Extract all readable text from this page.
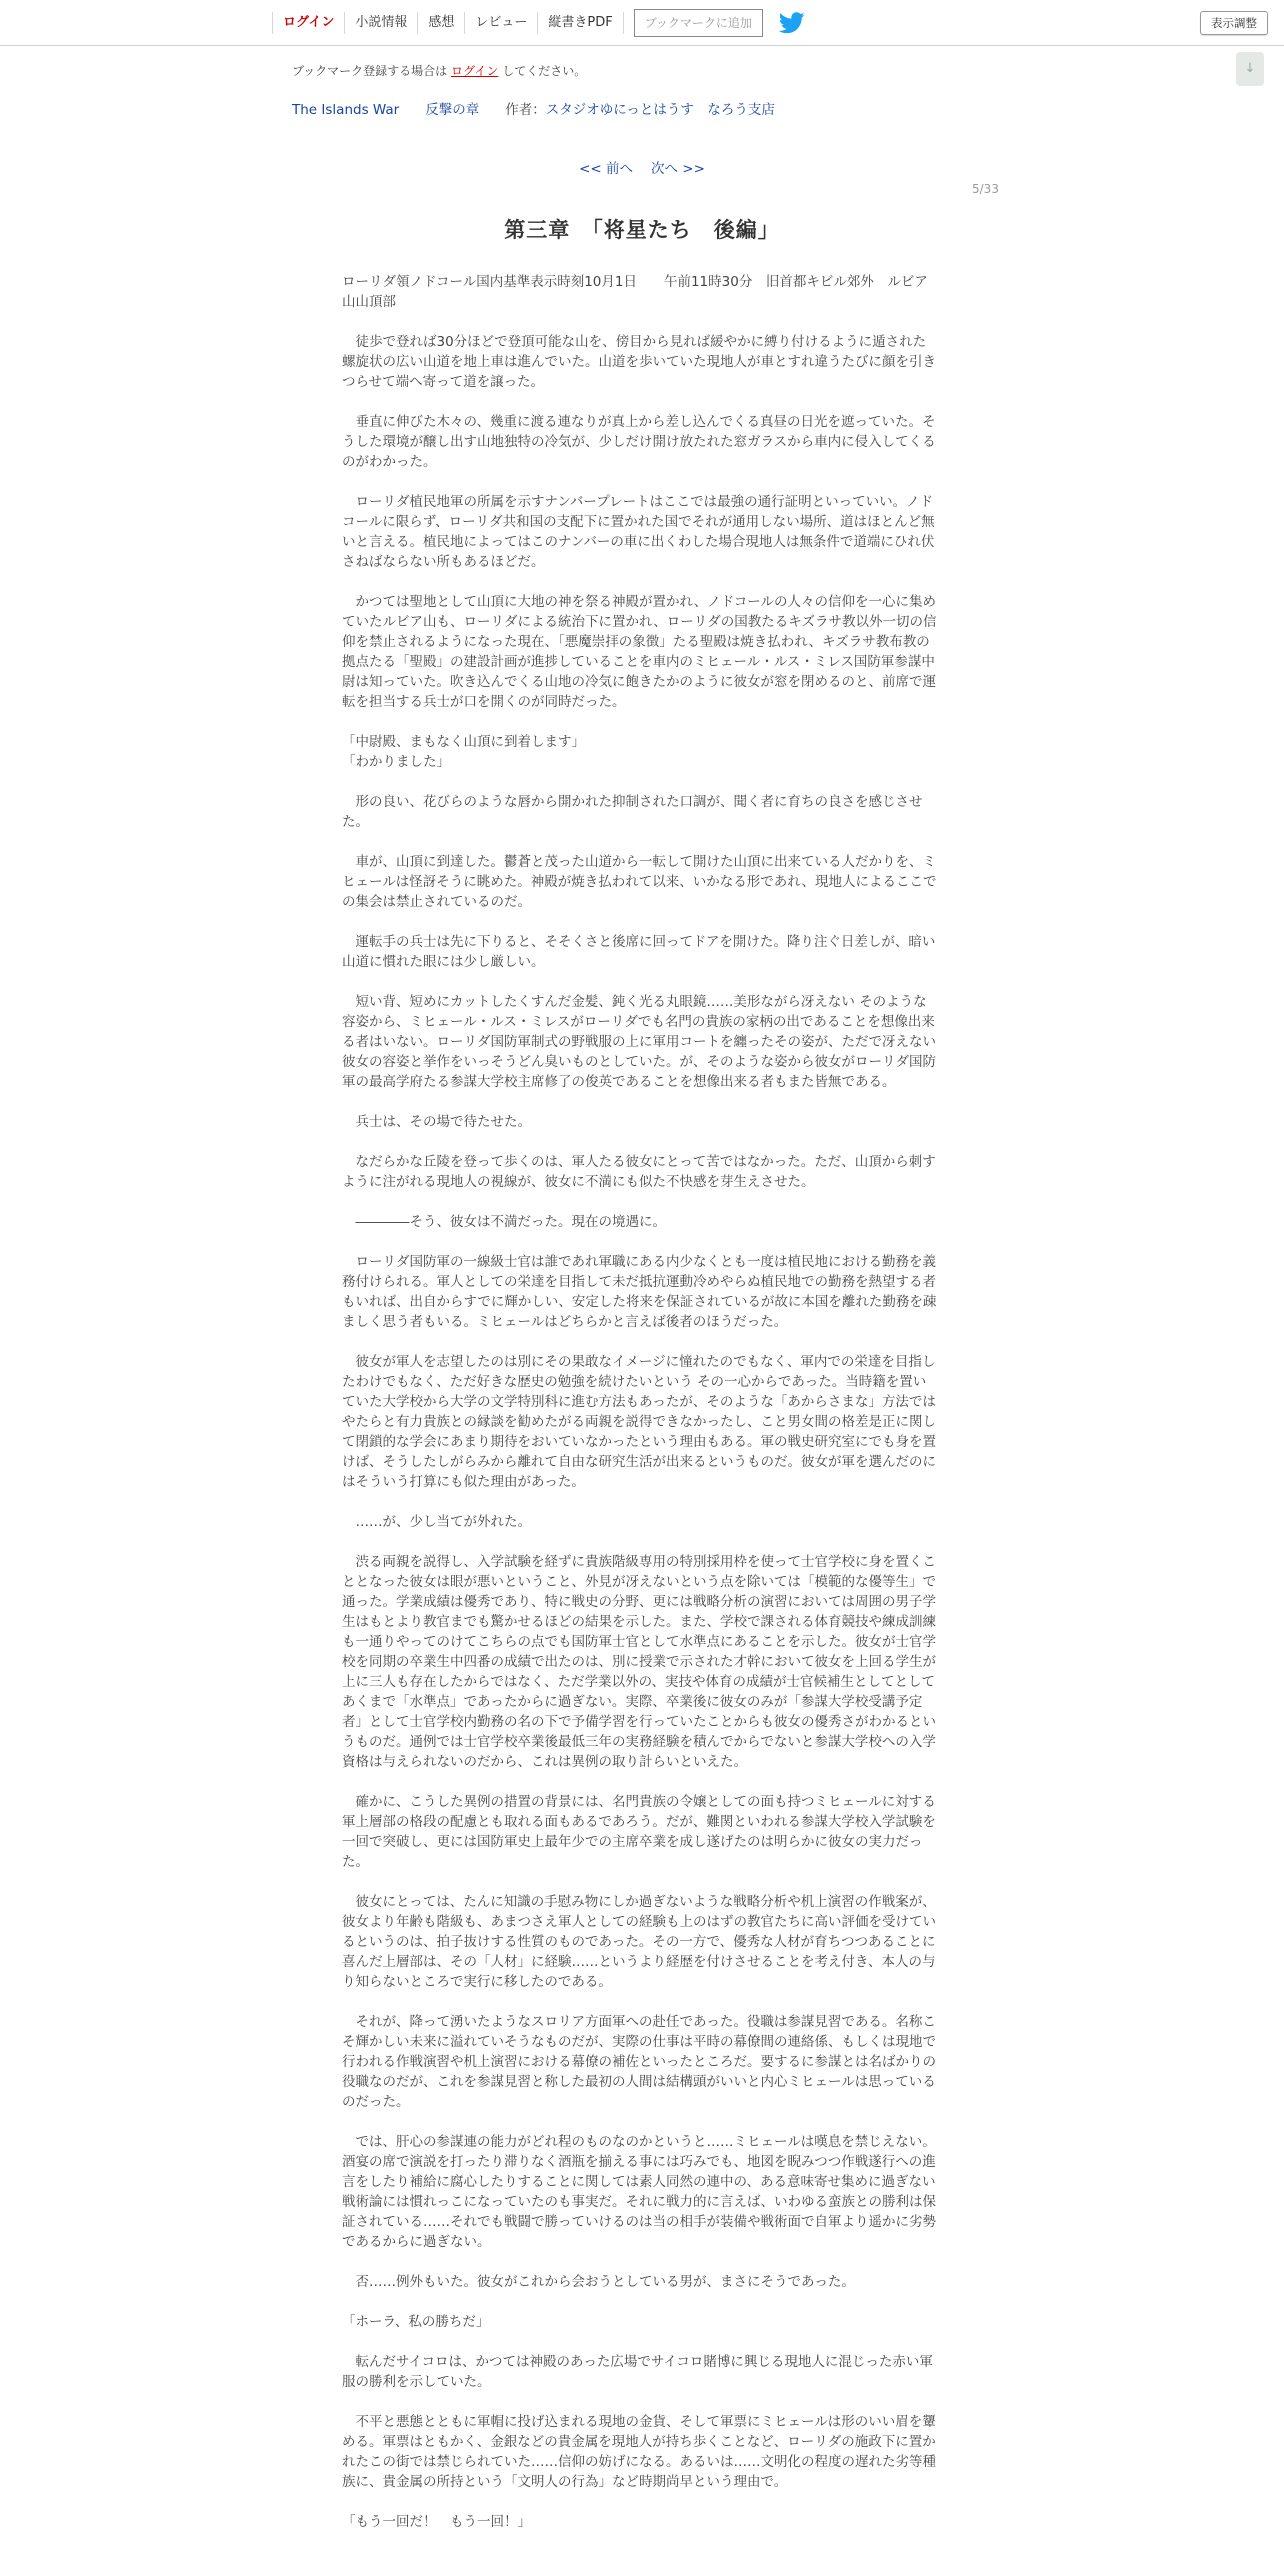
ログイン	小説情報	感想	レビュー	縦書きPDF	ブックマークに追加	表示調整
↓
ブックマーク登録する場合は ログイン してください。
The Islands War 反撃の章 作者：スタジオゆにっとはうす　なろう支店
<< 前へ 次へ >>
5/33
第三章　「将星たち　後編」

ローリダ領ノドコール国内基準表示時刻10月1日　　午前11時30分　旧首都キビル郊外　ルビア山山頂部

　徒歩で登れば30分ほどで登頂可能な山を、傍目から見れば緩やかに縛り付けるように遁された螺旋状の広い山道を地上車は進んでいた。山道を歩いていた現地人が車とすれ違うたびに顔を引きつらせて端へ寄って道を譲った。

　垂直に伸びた木々の、幾重に渡る連なりが真上から差し込んでくる真昼の日光を遮っていた。そうした環境が醸し出す山地独特の冷気が、少しだけ開け放たれた窓ガラスから車内に侵入してくるのがわかった。

　ローリダ植民地軍の所属を示すナンバープレートはここでは最強の通行証明といっていい。ノドコールに限らず、ローリダ共和国の支配下に置かれた国でそれが通用しない場所、道はほとんど無いと言える。植民地によってはこのナンバーの車に出くわした場合現地人は無条件で道端にひれ伏さねばならない所もあるほどだ。

　かつては聖地として山頂に大地の神を祭る神殿が置かれ、ノドコールの人々の信仰を一心に集めていたルビア山も、ローリダによる統治下に置かれ、ローリダの国教たるキズラサ教以外一切の信仰を禁止されるようになった現在、「悪魔崇拝の象徴」たる聖殿は焼き払われ、キズラサ教布教の拠点たる「聖殿」の建設計画が進捗していることを車内のミヒェール・ルス・ミレス国防軍参謀中尉は知っていた。吹き込んでくる山地の冷気に飽きたかのように彼女が窓を閉めるのと、前席で運転を担当する兵士が口を開くのが同時だった。

「中尉殿、まもなく山頂に到着します」
「わかりました」

　形の良い、花びらのような唇から開かれた抑制された口調が、聞く者に育ちの良さを感じさせた。

　車が、山頂に到達した。鬱蒼と茂った山道から一転して開けた山頂に出来ている人だかりを、ミヒェールは怪訝そうに眺めた。神殿が焼き払われて以来、いかなる形であれ、現地人によるここでの集会は禁止されているのだ。

　運転手の兵士は先に下りると、そそくさと後席に回ってドアを開けた。降り注ぐ日差しが、暗い山道に慣れた眼には少し厳しい。

　短い背、短めにカットしたくすんだ金髪、鈍く光る丸眼鏡……美形ながら冴えない そのような容姿から、ミヒェール・ルス・ミレスがローリダでも名門の貴族の家柄の出であることを想像出来る者はいない。ローリダ国防軍制式の野戦服の上に軍用コートを纏ったその姿が、ただで冴えない彼女の容姿と挙作をいっそうどん臭いものとしていた。が、そのような姿から彼女がローリダ国防軍の最高学府たる参謀大学校主席修了の俊英であることを想像出来る者もまた皆無である。

　兵士は、その場で待たせた。

　なだらかな丘陵を登って歩くのは、軍人たる彼女にとって苦ではなかった。ただ、山頂から刺すように注がれる現地人の視線が、彼女に不満にも似た不快感を芽生えさせた。

　――――そう、彼女は不満だった。現在の境遇に。

　ローリダ国防軍の一線級士官は誰であれ軍職にある内少なくとも一度は植民地における勤務を義務付けられる。軍人としての栄達を目指して未だ抵抗運動冷めやらぬ植民地での勤務を熱望する者もいれば、出自からすでに輝かしい、安定した将来を保証されているが故に本国を離れた勤務を疎ましく思う者もいる。ミヒェールはどちらかと言えば後者のほうだった。

　彼女が軍人を志望したのは別にその果敢なイメージに憧れたのでもなく、軍内での栄達を目指したわけでもなく、ただ好きな歴史の勉強を続けたいという その一心からであった。当時籍を置いていた大学校から大学の文学特別科に進む方法もあったが、そのような「あからさまな」方法ではやたらと有力貴族との縁談を勧めたがる両親を説得できなかったし、こと男女間の格差是正に関して閉鎖的な学会にあまり期待をおいていなかったという理由もある。軍の戦史研究室にでも身を置けば、そうしたしがらみから離れて自由な研究生活が出来るというものだ。彼女が軍を選んだのにはそういう打算にも似た理由があった。

　……が、少し当てが外れた。

　渋る両親を説得し、入学試験を経ずに貴族階級専用の特別採用枠を使って士官学校に身を置くこととなった彼女は眼が悪いということ、外見が冴えないという点を除いては「模範的な優等生」で通った。学業成績は優秀であり、特に戦史の分野、更には戦略分析の演習においては周囲の男子学生はもとより教官までも驚かせるほどの結果を示した。また、学校で課される体育競技や練成訓練も一通りやってのけてこちらの点でも国防軍士官として水準点にあることを示した。彼女が士官学校を同期の卒業生中四番の成績で出たのは、別に授業で示された才幹において彼女を上回る学生が上に三人も存在したからではなく、ただ学業以外の、実技や体育の成績が士官候補生としてとしてあくまで「水準点」であったからに過ぎない。実際、卒業後に彼女のみが「参謀大学校受講予定者」として士官学校内勤務の名の下で予備学習を行っていたことからも彼女の優秀さがわかるというものだ。通例では士官学校卒業後最低三年の実務経験を積んでからでないと参謀大学校への入学資格は与えられないのだから、これは異例の取り計らいといえた。

　確かに、こうした異例の措置の背景には、名門貴族の令嬢としての面も持つミヒェールに対する軍上層部の格段の配慮とも取れる面もあるであろう。だが、難関といわれる参謀大学校入学試験を一回で突破し、更には国防軍史上最年少での主席卒業を成し遂げたのは明らかに彼女の実力だった。

　彼女にとっては、たんに知識の手慰み物にしか過ぎないような戦略分析や机上演習の作戦案が、彼女より年齢も階級も、あまつさえ軍人としての経験も上のはずの教官たちに高い評価を受けているというのは、拍子抜けする性質のものであった。その一方で、優秀な人材が育ちつつあることに喜んだ上層部は、その「人材」に経験……というより経歴を付けさせることを考え付き、本人の与り知らないところで実行に移したのである。

　それが、降って湧いたようなスロリア方面軍への赴任であった。役職は参謀見習である。名称こそ輝かしい未来に溢れていそうなものだが、実際の仕事は平時の幕僚間の連絡係、もしくは現地で行われる作戦演習や机上演習における幕僚の補佐といったところだ。要するに参謀とは名ばかりの役職なのだが、これを参謀見習と称した最初の人間は結構頭がいいと内心ミヒェールは思っているのだった。

　では、肝心の参謀連の能力がどれ程のものなのかというと……ミヒェールは嘆息を禁じえない。酒宴の席で演説を打ったり滞りなく酒瓶を揃える事には巧みでも、地図を睨みつつ作戦遂行への進言をしたり補給に腐心したりすることに関しては素人同然の連中の、ある意味寄せ集めに過ぎない戦術論には慣れっこになっていたのも事実だ。それに戦力的に言えば、いわゆる蛮族との勝利は保証されている……それでも戦闘で勝っていけるのは当の相手が装備や戦術面で自軍より遥かに劣勢であるからに過ぎない。

　否……例外もいた。彼女がこれから会おうとしている男が、まさにそうであった。

「ホーラ、私の勝ちだ」

　転んだサイコロは、かつては神殿のあった広場でサイコロ賭博に興じる現地人に混じった赤い軍服の勝利を示していた。

　不平と悪態とともに軍帽に投げ込まれる現地の金貨、そして軍票にミヒェールは形のいい眉を顰める。軍票はともかく、金銀などの貴金属を現地人が持ち歩くことなど、ローリダの施政下に置かれたこの街では禁じられていた……信仰の妨げになる。あるいは……文明化の程度の遅れた劣等種族に、貴金属の所持という「文明人の行為」など時期尚早という理由で。

「もう一回だ！　もう一回！」
